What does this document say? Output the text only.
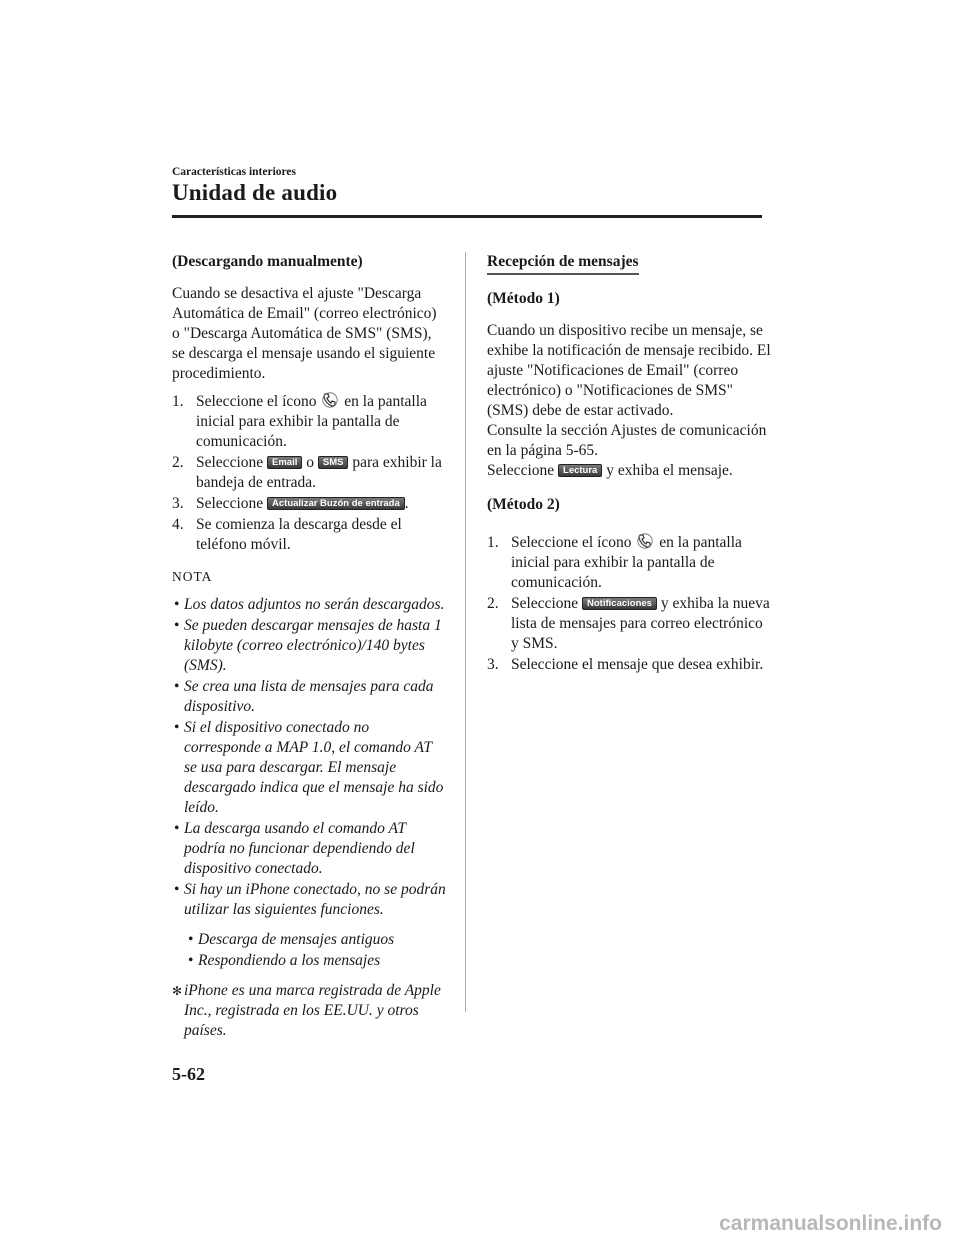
Características interiores
Unidad de audio
(Descargando manualmente)
Cuando se desactiva el ajuste "Descarga Automática de Email" (correo electrónico) o "Descarga Automática de SMS" (SMS), se descarga el mensaje usando el siguiente procedimiento.
1. Seleccione el ícono en la pantalla inicial para exhibir la pantalla de comunicación.
2. Seleccione Email o SMS para exhibir la bandeja de entrada.
3. Seleccione Actualizar Buzón de entrada .
4. Se comienza la descarga desde el teléfono móvil.
NOTA
• Los datos adjuntos no serán descargados.
• Se pueden descargar mensajes de hasta 1 kilobyte (correo electrónico)/140 bytes (SMS).
• Se crea una lista de mensajes para cada dispositivo.
• Si el dispositivo conectado no corresponde a MAP 1.0, el comando AT se usa para descargar. El mensaje descargado indica que el mensaje ha sido leído.
• La descarga usando el comando AT podría no funcionar dependiendo del dispositivo conectado.
• Si hay un iPhone conectado, no se podrán utilizar las siguientes funciones.
• Descarga de mensajes antiguos
• Respondiendo a los mensajes
✻ iPhone es una marca registrada de Apple Inc., registrada en los EE.UU. y otros países.
Recepción de mensajes
(Método 1)
Cuando un dispositivo recibe un mensaje, se exhibe la notificación de mensaje recibido. El ajuste "Notificaciones de Email" (correo electrónico) o "Notificaciones de SMS" (SMS) debe de estar activado.
Consulte la sección Ajustes de comunicación en la página 5-65.
Seleccione Lectura y exhiba el mensaje.
(Método 2)
1. Seleccione el ícono en la pantalla inicial para exhibir la pantalla de comunicación.
2. Seleccione Notificaciones y exhiba la nueva lista de mensajes para correo electrónico y SMS.
3. Seleccione el mensaje que desea exhibir.
5-62
carmanualsonline.info
